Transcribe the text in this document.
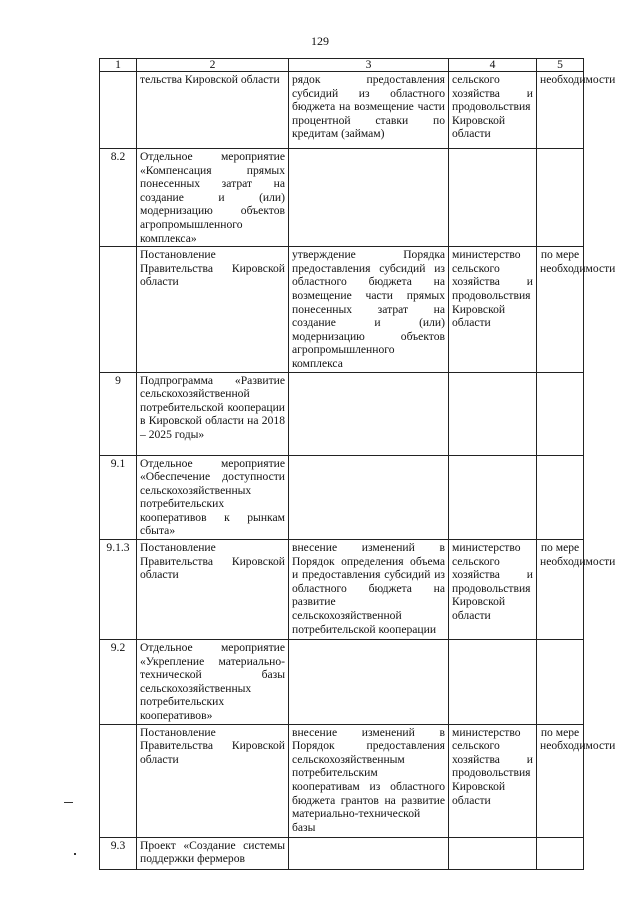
129
1	2	3	4	5
	тельства Кировской области	рядок предоставления субсидий из областного бюджета на возмещение части процентной ставки по кредитам (займам)	сельского хозяйства и продовольствия Кировской области	необходимости
8.2	Отдельное мероприятие «Компенсация прямых понесенных затрат на создание и (или) модернизацию объектов агропромышленного комплекса»			
	Постановление Правительства Кировской области	утверждение Порядка предоставления субсидий из областного бюджета на возмещение части прямых понесенных затрат на создание и (или) модернизацию объектов агропромышленного комплекса	министерство сельского хозяйства и продовольствия Кировской области	по мере необходимости
9	Подпрограмма «Развитие сельскохозяйственной потребительской кооперации в Кировской области на 2018 – 2025 годы»			
9.1	Отдельное мероприятие «Обеспечение доступности сельскохозяйственных потребительских кооперативов к рынкам сбыта»			
9.1.3	Постановление Правительства Кировской области	внесение изменений в Порядок определения объема и предоставления субсидий из областного бюджета на развитие сельскохозяйственной потребительской кооперации	министерство сельского хозяйства и продовольствия Кировской области	по мере необходимости
9.2	Отдельное мероприятие «Укрепление материально-технической базы сельскохозяйственных потребительских кооперативов»			
	Постановление Правительства Кировской области	внесение изменений в Порядок предоставления сельскохозяйственным потребительским кооперативам из областного бюджета грантов на развитие материально-технической базы	министерство сельского хозяйства и продовольствия Кировской области	по мере необходимости
9.3	Проект «Создание системы поддержки фермеров			
